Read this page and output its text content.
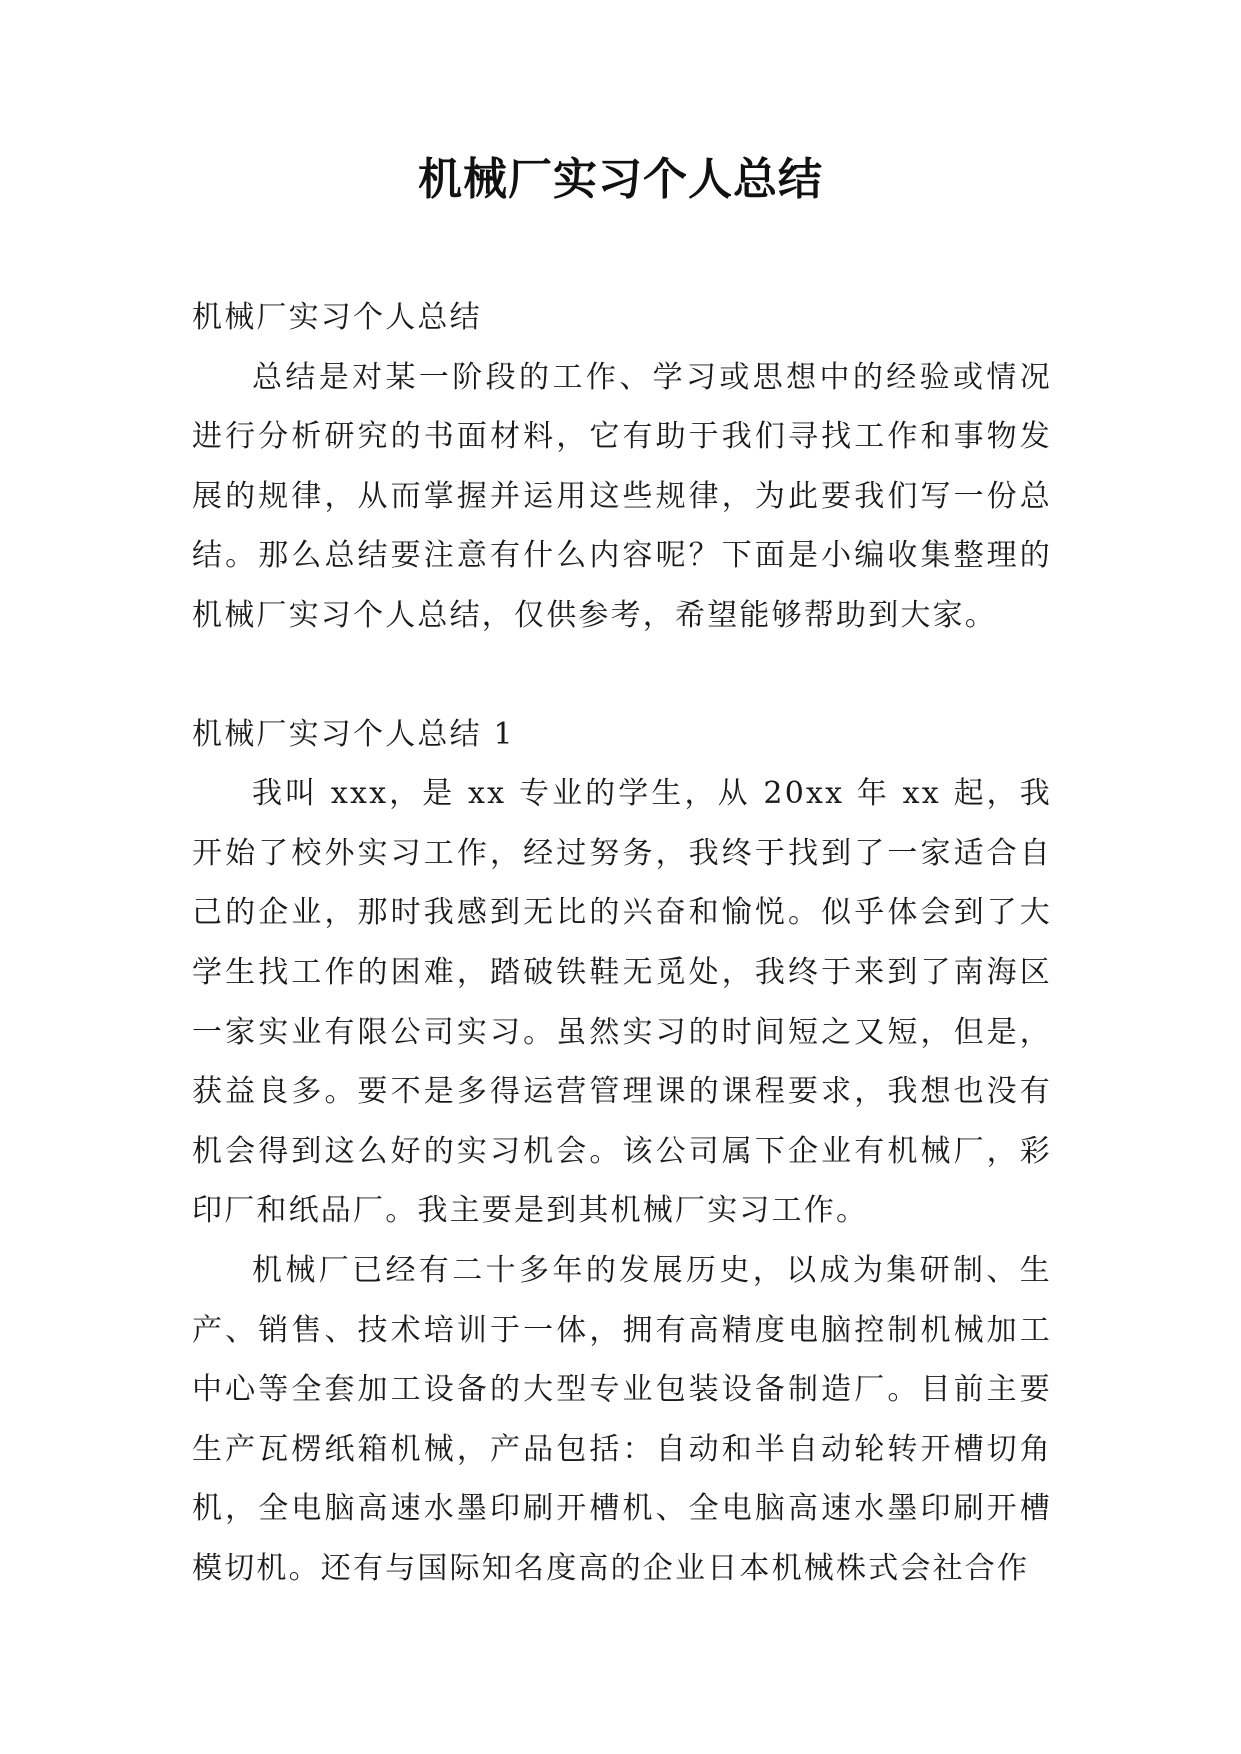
机械厂实习个人总结

机械厂实习个人总结

总结是对某一阶段的工作、学习或思想中的经验或情况进行分析研究的书面材料，它有助于我们寻找工作和事物发展的规律，从而掌握并运用这些规律，为此要我们写一份总结。那么总结要注意有什么内容呢？下面是小编收集整理的机械厂实习个人总结，仅供参考，希望能够帮助到大家。

机械厂实习个人总结 1

我叫 xxx，是 xx 专业的学生，从 20xx 年 xx 起，我开始了校外实习工作，经过努务，我终于找到了一家适合自己的企业，那时我感到无比的兴奋和愉悦。似乎体会到了大学生找工作的困难，踏破铁鞋无觅处，我终于来到了南海区一家实业有限公司实习。虽然实习的时间短之又短，但是，获益良多。要不是多得运营管理课的课程要求，我想也没有机会得到这么好的实习机会。该公司属下企业有机械厂，彩印厂和纸品厂。我主要是到其机械厂实习工作。

机械厂已经有二十多年的发展历史，以成为集研制、生产、销售、技术培训于一体，拥有高精度电脑控制机械加工中心等全套加工设备的大型专业包装设备制造厂。目前主要生产瓦楞纸箱机械，产品包括：自动和半自动轮转开槽切角机，全电脑高速水墨印刷开槽机、全电脑高速水墨印刷开槽模切机。还有与国际知名度高的企业日本机械株式会社合作
